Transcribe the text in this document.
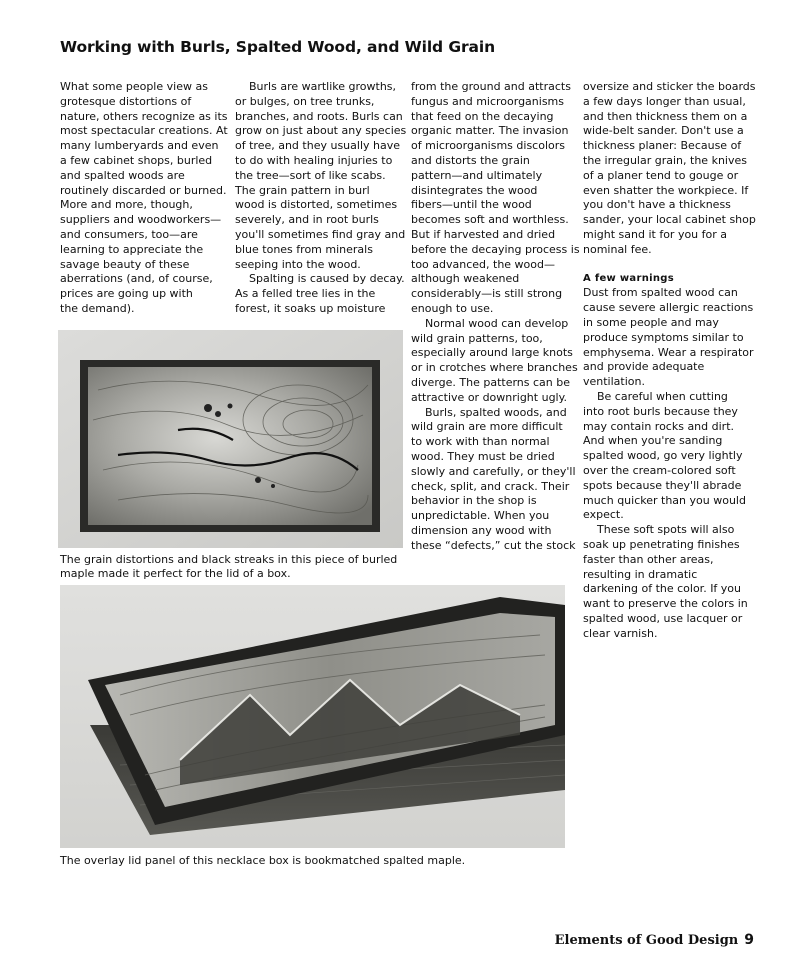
Working with Burls, Spalted Wood, and Wild Grain

What some people view as
grotesque distortions of
nature, others recognize as its
most spectacular creations. At
many lumberyards and even
a few cabinet shops, burled
and spalted woods are
routinely discarded or burned.
More and more, though,
suppliers and woodworkers—
and consumers, too—are
learning to appreciate the
savage beauty of these
aberrations (and, of course,
prices are going up with
the demand).

Burls are wartlike growths,
or bulges, on tree trunks,
branches, and roots. Burls can
grow on just about any species
of tree, and they usually have
to do with healing injuries to
the tree—sort of like scabs.
The grain pattern in burl
wood is distorted, sometimes
severely, and in root burls
you'll sometimes find gray and
blue tones from minerals
seeping into the wood.

Spalting is caused by decay.
As a felled tree lies in the
forest, it soaks up moisture

from the ground and attracts
fungus and microorganisms
that feed on the decaying
organic matter. The invasion
of microorganisms discolors
and distorts the grain
pattern—and ultimately
disintegrates the wood
fibers—until the wood
becomes soft and worthless.
But if harvested and dried
before the decaying process is
too advanced, the wood—
although weakened
considerably—is still strong
enough to use.

Normal wood can develop
wild grain patterns, too,
especially around large knots
or in crotches where branches
diverge. The patterns can be
attractive or downright ugly.

Burls, spalted woods, and
wild grain are more difficult
to work with than normal
wood. They must be dried
slowly and carefully, or they'll
check, split, and crack. Their
behavior in the shop is
unpredictable. When you
dimension any wood with
these “defects,” cut the stock

oversize and sticker the boards
a few days longer than usual,
and then thickness them on a
wide-belt sander. Don't use a
thickness planer: Because of
the irregular grain, the knives
of a planer tend to gouge or
even shatter the workpiece. If
you don't have a thickness
sander, your local cabinet shop
might sand it for you for a
nominal fee.

A few warnings

Dust from spalted wood can
cause severe allergic reactions
in some people and may
produce symptoms similar to
emphysema. Wear a respirator
and provide adequate
ventilation.

Be careful when cutting
into root burls because they
may contain rocks and dirt.
And when you're sanding
spalted wood, go very lightly
over the cream-colored soft
spots because they'll abrade
much quicker than you would
expect.

These soft spots will also
soak up penetrating finishes
faster than other areas,
resulting in dramatic
darkening of the color. If you
want to preserve the colors in
spalted wood, use lacquer or
clear varnish.

The grain distortions and black streaks in this piece of burled
maple made it perfect for the lid of a box.
The overlay lid panel of this necklace box is bookmatched spalted maple.
Elements of Good Design 9
